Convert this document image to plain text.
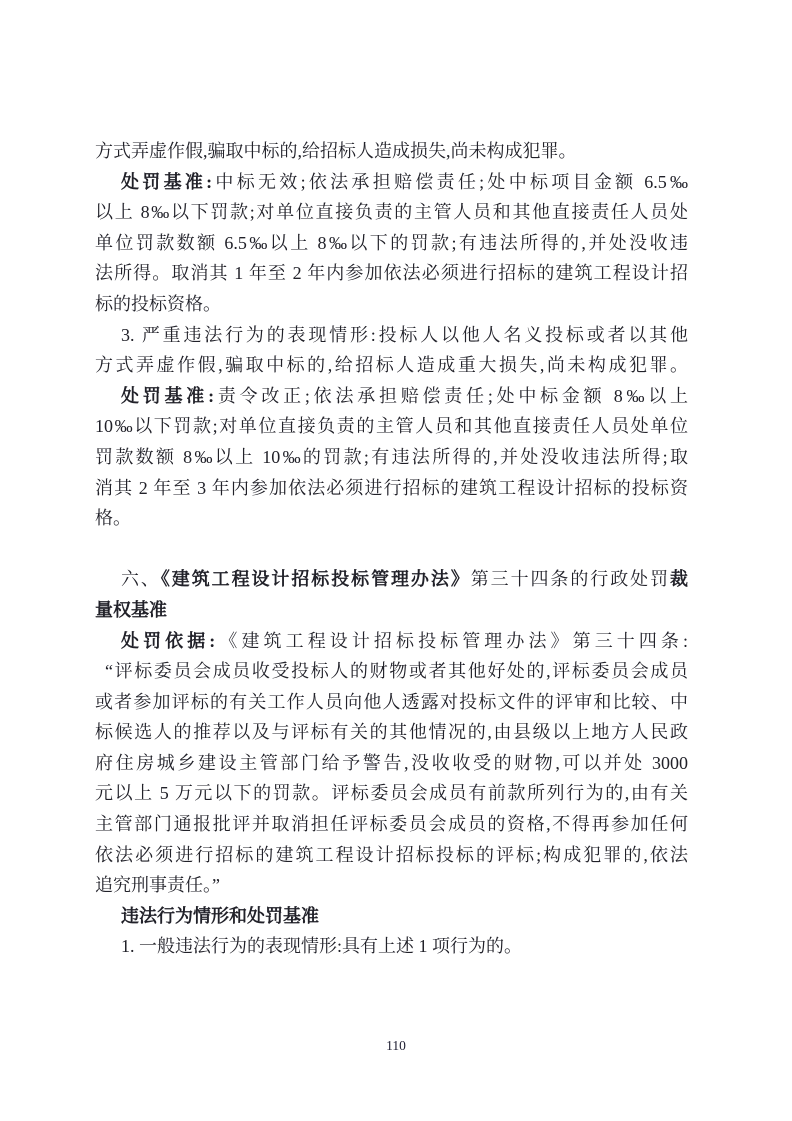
方式弄虚作假,骗取中标的,给招标人造成损失,尚未构成犯罪。

处罚基准:中标无效;依法承担赔偿责任;处中标项目金额 6.5‰

以上 8‰以下罚款;对单位直接负责的主管人员和其他直接责任人员处

单位罚款数额 6.5‰以上 8‰以下的罚款;有违法所得的,并处没收违

法所得。取消其 1 年至 2 年内参加依法必须进行招标的建筑工程设计招

标的投标资格。

3. 严重违法行为的表现情形:投标人以他人名义投标或者以其他

方式弄虚作假,骗取中标的,给招标人造成重大损失,尚未构成犯罪。

处罚基准:责令改正;依法承担赔偿责任;处中标金额 8‰以上

10‰以下罚款;对单位直接负责的主管人员和其他直接责任人员处单位

罚款数额 8‰以上 10‰的罚款;有违法所得的,并处没收违法所得;取

消其 2 年至 3 年内参加依法必须进行招标的建筑工程设计招标的投标资

格。

六、《建筑工程设计招标投标管理办法》第三十四条的行政处罚裁

量权基准

处罚依据:《建筑工程设计招标投标管理办法》第三十四条:

“评标委员会成员收受投标人的财物或者其他好处的,评标委员会成员

或者参加评标的有关工作人员向他人透露对投标文件的评审和比较、中

标候选人的推荐以及与评标有关的其他情况的,由县级以上地方人民政

府住房城乡建设主管部门给予警告,没收收受的财物,可以并处 3000

元以上 5 万元以下的罚款。评标委员会成员有前款所列行为的,由有关

主管部门通报批评并取消担任评标委员会成员的资格,不得再参加任何

依法必须进行招标的建筑工程设计招标投标的评标;构成犯罪的,依法

追究刑事责任。”

违法行为情形和处罚基准

1. 一般违法行为的表现情形:具有上述 1 项行为的。

110
